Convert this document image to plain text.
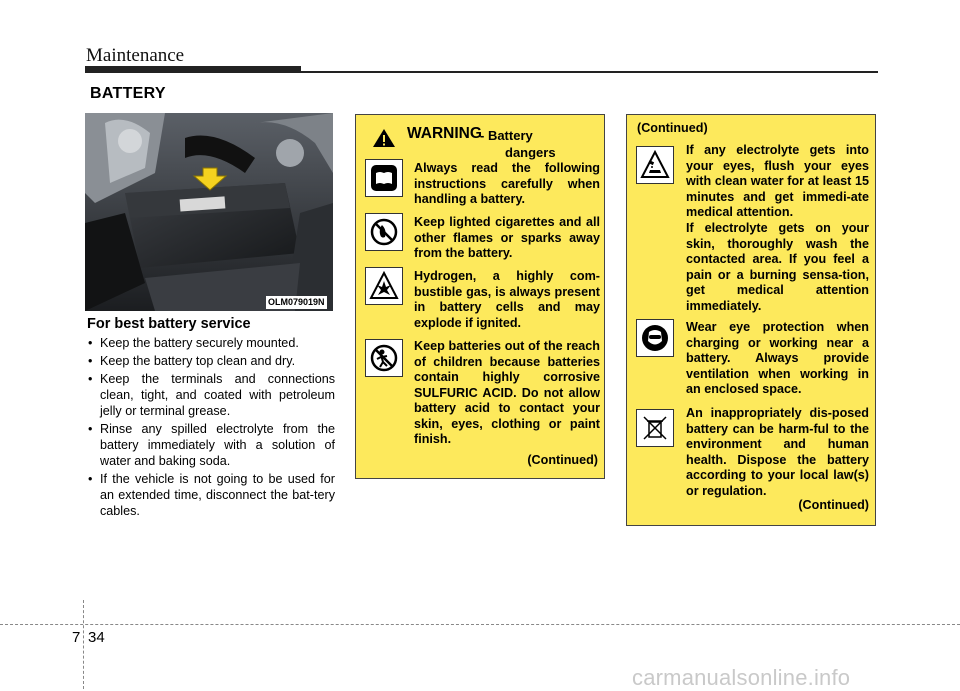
Maintenance
BATTERY
OLM079019N
For best battery service
• Keep the battery securely mounted.
• Keep the battery top clean and dry.
• Keep the terminals and connections clean, tight, and coated with petroleum jelly or terminal grease.
• Rinse any spilled electrolyte from the battery immediately with a solution of water and baking soda.
• If the vehicle is not going to be used for an extended time, disconnect the bat-tery cables.
WARNING
- Battery
dangers
Always read the following instructions carefully when handling a battery.
Keep lighted cigarettes and all other flames or sparks away from the battery.
Hydrogen, a highly com-bustible gas, is always present in battery cells and may explode if ignited.
Keep batteries out of the reach of children because batteries contain highly corrosive SULFURIC ACID. Do not allow battery acid to contact your skin, eyes, clothing or paint finish.
(Continued)
(Continued)
If any electrolyte gets into your eyes, flush your eyes with clean water for at least 15 minutes and get immedi-ate medical attention.
If electrolyte gets on your skin, thoroughly wash the contacted area. If you feel a pain or a burning sensa-tion, get medical attention immediately.
Wear eye protection when charging or working near a battery. Always provide ventilation when working in an enclosed space.
An inappropriately dis-posed battery can be harm-ful to the environment and human health. Dispose the battery according to your local law(s) or regulation.
(Continued)
7 34
carmanualsonline.info
